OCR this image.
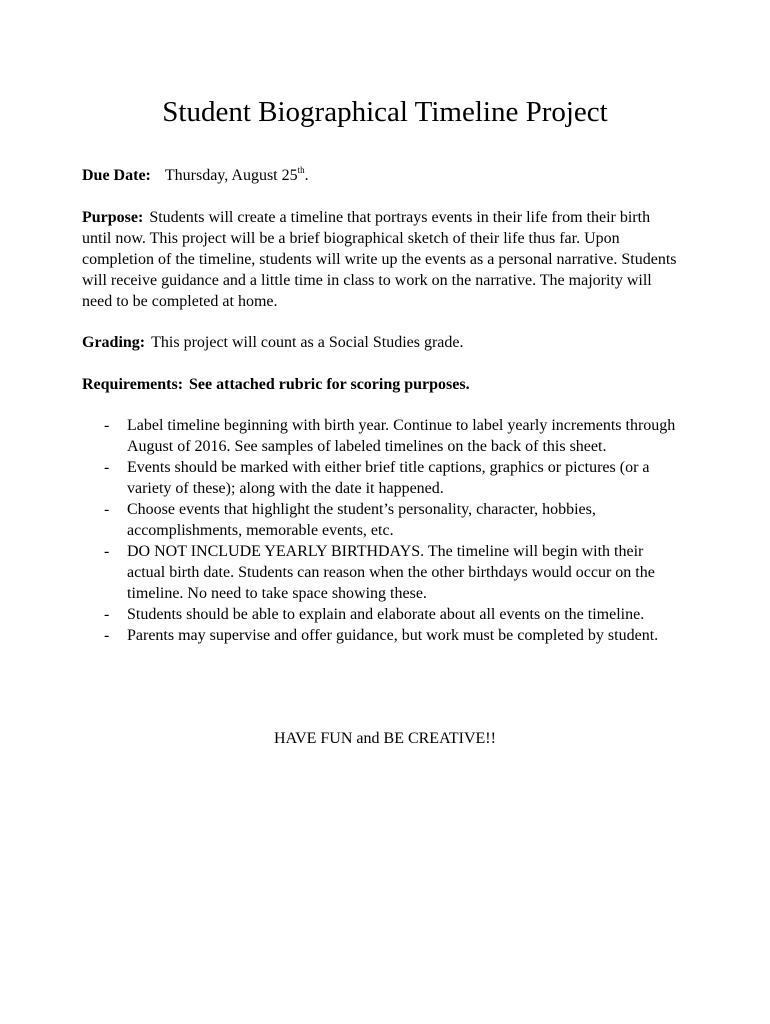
Student Biographical Timeline Project
Due Date: Thursday, August 25th.
Purpose: Students will create a timeline that portrays events in their life from their birth until now. This project will be a brief biographical sketch of their life thus far. Upon completion of the timeline, students will write up the events as a personal narrative. Students will receive guidance and a little time in class to work on the narrative. The majority will need to be completed at home.
Grading: This project will count as a Social Studies grade.
Requirements: See attached rubric for scoring purposes.
- Label timeline beginning with birth year. Continue to label yearly increments through August of 2016. See samples of labeled timelines on the back of this sheet.
- Events should be marked with either brief title captions, graphics or pictures (or a variety of these); along with the date it happened.
- Choose events that highlight the student’s personality, character, hobbies, accomplishments, memorable events, etc.
- DO NOT INCLUDE YEARLY BIRTHDAYS. The timeline will begin with their actual birth date. Students can reason when the other birthdays would occur on the timeline. No need to take space showing these.
- Students should be able to explain and elaborate about all events on the timeline.
- Parents may supervise and offer guidance, but work must be completed by student.
HAVE FUN and BE CREATIVE!!
